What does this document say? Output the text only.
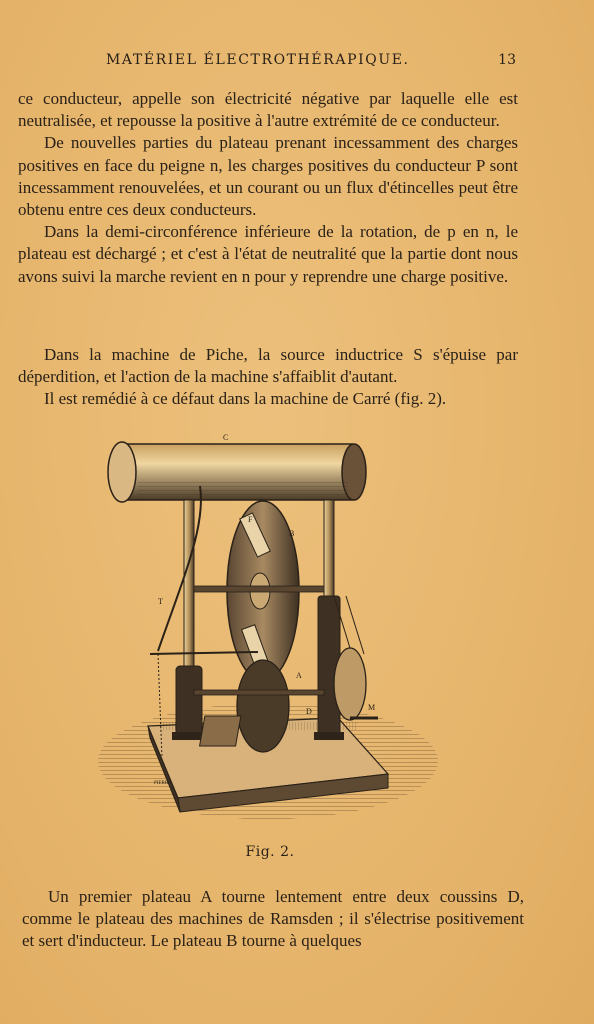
MATÉRIEL ÉLECTROTHÉRAPIQUE.	13

ce conducteur, appelle son électricité négative par laquelle elle est neutralisée, et repousse la positive à l'autre extrémité de ce conducteur.

De nouvelles parties du plateau prenant incessamment des charges positives en face du peigne n, les charges positives du conducteur P sont incessamment renouvelées, et un courant ou un flux d'étincelles peut être obtenu entre ces deux conducteurs.

Dans la demi-circonférence inférieure de la rotation, de p en n, le plateau est déchargé ; et c'est à l'état de neutralité que la partie dont nous avons suivi la marche revient en n pour y reprendre une charge positive.

Dans la machine de Piche, la source inductrice S s'épuise par déperdition, et l'action de la machine s'affaiblit d'autant.

Il est remédié à ce défaut dans la machine de Carré (fig. 2).

C
B
F
T
A
D	M
PIERRE
Fig. 2.

Un premier plateau A tourne lentement entre deux coussins D, comme le plateau des machines de Ramsden ; il s'électrise positivement et sert d'inducteur. Le plateau B tourne à quelques
